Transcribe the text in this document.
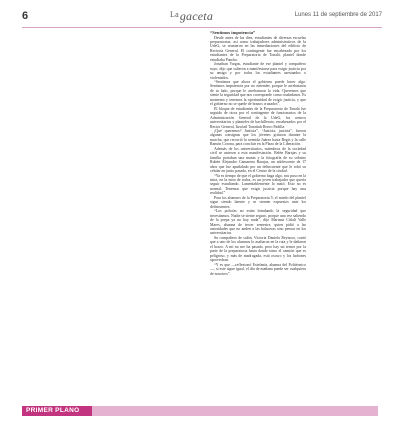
6	$^{La}$gaceta	Lunes 11 de septiembre de 2017
“Sentimos impotencia”

Desde antes de las diez, estudiantes de diversas escuelas preparatorias, así como trabajadores administrativos de la UdeG, se reunieron en las inmediaciones del edificio de Rectoría General. El contingente fue encabezado por los estudiantes de la Preparatoria de Tonalá, plantel donde estudiaba Pancho.

Jonathan Vargas, estudiante de ese plantel y compañero suyo, dijo que salieron a manifestarse para exigir justicia por su amigo y por todos los estudiantes asesinados o violentados.

“Sentimos que ahora el gobierno puede hacer algo. Sentimos impotencia por no entender, porque le arrebataron de tu lado, porque le arrebataron la vida. Queremos que siente la seguridad que nos corresponde como ciudadanos. Es momento y tenemos la oportunidad de exigir justicia, y que el gobierno no se quede de brazos cruzados”.

El bloque de estudiantes de la Preparatoria de Tonalá fue seguido de otros por el contingente de funcionarios de la Administración General de la UdeG, los centros universitarios y planteles de bachillerato, encabezados por el Rector General, Itzcóatl Tonatiuh Bravo Padilla.

¡Qué queremos? Justicia”, “Justicia, justicia”, fueron algunas consignas que los jóvenes gritaron durante la marcha, que recorrió la avenida Juárez hasta Regis y la calle Ramón Corona, para concluir en la Plaza de la Liberación.

Además de los universitarios, miembros de la sociedad civil se unieron a esta manifestación. Belén Barajas y su familia portaban una manta y la fotografía de su sobrino Rubén Alejandro Camarena Barajas, un adolescente de 17 años que fue apuñalado por un delincuente que le robó su celular en junio pasado, en el Centro de la ciudad.

“Ya es tiempo de que el gobierno haga algo, nos puso en la mira, en la mira de todos, es un joven trabajador que quería seguir estudiando. Lamentablemente lo mató. Esto no es normal. Tenemos que exigir justicia porque hay una realidad.”

Para los alumnos de la Preparatoria 5, el miedo del plantel sigue siendo latente y se sienten expuestos ante los delincuentes.

“Los policías no están brindando la seguridad que necesitamos. Nadie se siente seguro, porque una vez saliendo de la prepa ya no hay nada”, dijo Mariana Citlali Valle Mares, alumna de tercer semestre, quien pidió a las autoridades que no anden a las balaceras sino pensar en los universitarios.

Su compañero de salón, Victoria Daniela Reynoso, contó que a uno de los alumnos lo asaltaron en la ruta y le dañaron el brazo. A mí no me ha pasado, pero hay un temor por la parte de la preparatoria hasta donde tomo el camión que es peligroso, y más de madrugada, está oscuro y los ladrones aprovechan.

“Y es que —reflexionó Estefanía, alumna del Politécnico—, si este sigue igual, el día de mañana puede ser cualquiera de nosotros”.

PRIMER PLANO
